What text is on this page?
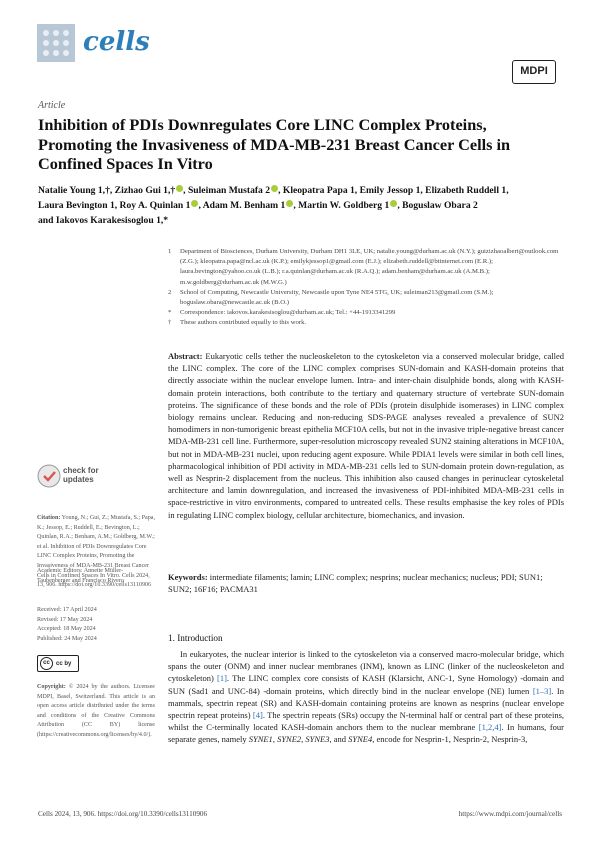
cells
MDPI
Article
Inhibition of PDIs Downregulates Core LINC Complex Proteins, Promoting the Invasiveness of MDA-MB-231 Breast Cancer Cells in Confined Spaces In Vitro
Natalie Young 1,†, Zizhao Gui 1,† , Suleiman Mustafa 2 , Kleopatra Papa 1, Emily Jessop 1, Elizabeth Ruddell 1,
Laura Bevington 1, Roy A. Quinlan 1 , Adam M. Benham 1 , Martin W. Goldberg 1 , Boguslaw Obara 2
and Iakovos Karakesisoglou 1,*
1 Department of Biosciences, Durham University, Durham DH1 3LE, UK; natalie.young@durham.ac.uk (N.Y.); guizizhaoalbert@outlook.com (Z.G.); kleopatra.papa@ncl.ac.uk (K.P.); emilykjessop1@gmail.com (E.J.); elizabeth.ruddell@btinternet.com (E.R.); laura.bevington@yahoo.co.uk (L.B.); r.a.quinlan@durham.ac.uk (R.A.Q.); adam.benham@durham.ac.uk (A.M.B.); m.w.goldberg@durham.ac.uk (M.W.G.)
2 School of Computing, Newcastle University, Newcastle upon Tyne NE4 5TG, UK; suleiman213@gmail.com (S.M.); boguslaw.obara@newcastle.ac.uk (B.O.)
* Correspondence: iakovos.karakesisoglou@durham.ac.uk; Tel.: +44-1913341299
† These authors contributed equally to this work.
Abstract: Eukaryotic cells tether the nucleoskeleton to the cytoskeleton via a conserved molecular bridge, called the LINC complex. The core of the LINC complex comprises SUN-domain and KASH-domain proteins that directly associate within the nuclear envelope lumen. Intra- and inter-chain disulphide bonds, along with KASH-domain protein interactions, both contribute to the tertiary and quaternary structure of vertebrate SUN-domain proteins. The significance of these bonds and the role of PDIs (protein disulphide isomerases) in LINC complex biology remains unclear. Reducing and non-reducing SDS-PAGE analyses revealed a prevalence of SUN2 homodimers in non-tumorigenic breast epithelia MCF10A cells, but not in the invasive triple-negative breast cancer MDA-MB-231 cell line. Furthermore, super-resolution microscopy revealed SUN2 staining alterations in MCF10A, but not in MDA-MB-231 nuclei, upon reducing agent exposure. While PDIA1 levels were similar in both cell lines, pharmacological inhibition of PDI activity in MDA-MB-231 cells led to SUN-domain protein down-regulation, as well as Nesprin-2 displacement from the nucleus. This inhibition also caused changes in perinuclear cytoskeletal architecture and lamin downregulation, and increased the invasiveness of PDI-inhibited MDA-MB-231 cells in space-restrictive in vitro environments, compared to untreated cells. These results emphasise the key roles of PDIs in regulating LINC complex biology, cellular architecture, biomechanics, and invasion.
Keywords: intermediate filaments; lamin; LINC complex; nesprins; nuclear mechanics; nucleus; PDI; SUN1; SUN2; 16F16; PACMA31
1. Introduction
In eukaryotes, the nuclear interior is linked to the cytoskeleton via a conserved macro-molecular bridge, which spans the outer (ONM) and inner nuclear membranes (INM), known as LINC (linker of the nucleoskeleton and cytoskeleton) [1]. The LINC complex core consists of KASH (Klarsicht, ANC-1, Syne Homology) -domain and SUN (Sad1 and UNC-84) -domain proteins, which directly bind in the nuclear envelope (NE) lumen [1–3]. In mammals, spectrin repeat (SR) and KASH-domain containing proteins are known as nesprins (nuclear envelope spectrin repeat proteins) [4]. The spectrin repeats (SRs) occupy the N-terminal half or central part of these proteins, whilst the C-terminally located KASH-domain anchors them to the nuclear membrane [1,2,4]. In humans, four separate genes, namely SYNE1, SYNE2, SYNE3, and SYNE4, encode for Nesprin-1, Nesprin-2, Nesprin-3,
check for updates
Citation: Young, N.; Gui, Z.; Mustafa, S.; Papa, K.; Jessop, E.; Ruddell, E.; Bevington, L.; Quinlan, R.A.; Benham, A.M.; Goldberg, M.W.; et al. Inhibition of PDIs Downregulates Core LINC Complex Proteins, Promoting the Invasiveness of MDA-MB-231 Breast Cancer Cells in Confined Spaces In Vitro. Cells 2024, 13, 906. https://doi.org/10.3390/cells13110906
Received: 17 April 2024
Revised: 17 May 2024
Accepted: 18 May 2024
Published: 24 May 2024
Academic Editors: Annette Müller-Taubenberger and Francisco Rivero
cc	cc by
Copyright: © 2024 by the authors. Licensee MDPI, Basel, Switzerland. This article is an open access article distributed under the terms and conditions of the Creative Commons Attribution (CC BY) license (https://creativecommons.org/licenses/by/4.0/).
Cells 2024, 13, 906. https://doi.org/10.3390/cells13110906	https://www.mdpi.com/journal/cells
